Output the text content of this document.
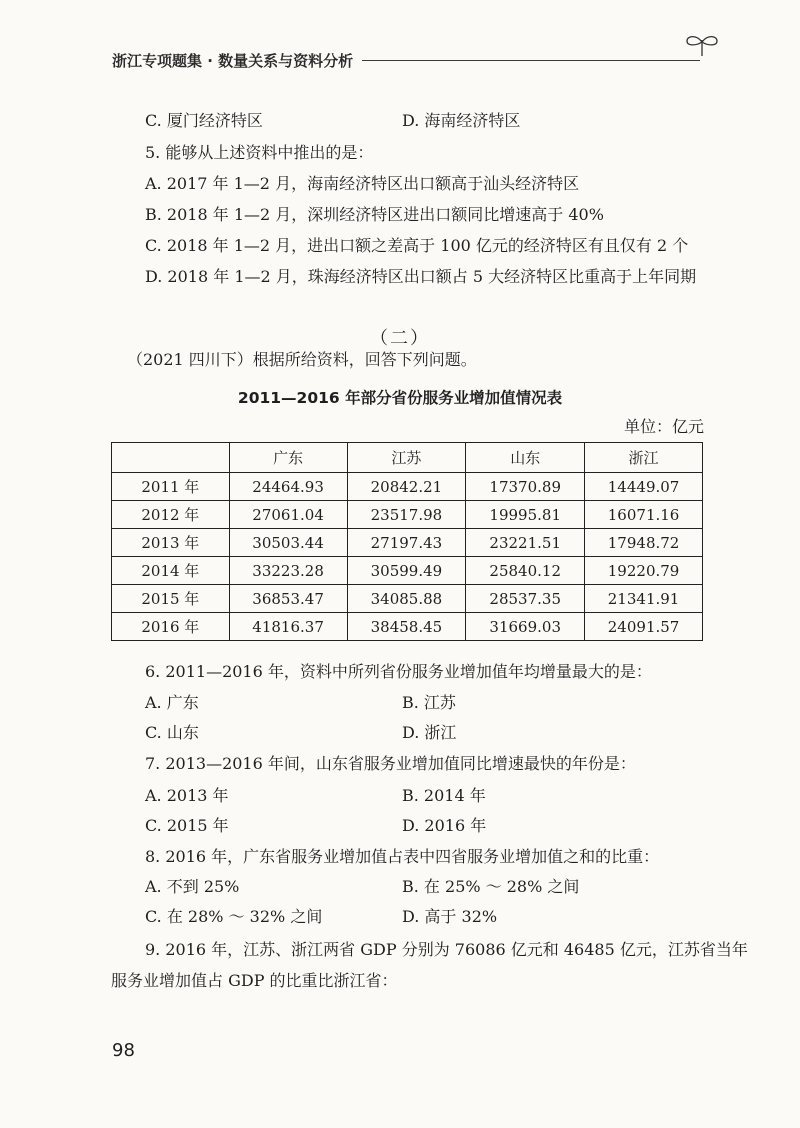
浙江专项题集 · 数量关系与资料分析
C. 厦门经济特区	D. 海南经济特区
5. 能够从上述资料中推出的是：
A. 2017 年 1—2 月，海南经济特区出口额高于汕头经济特区
B. 2018 年 1—2 月，深圳经济特区进出口额同比增速高于 40%
C. 2018 年 1—2 月，进出口额之差高于 100 亿元的经济特区有且仅有 2 个
D. 2018 年 1—2 月，珠海经济特区出口额占 5 大经济特区比重高于上年同期
（二）
（2021 四川下）根据所给资料，回答下列问题。
2011—2016 年部分省份服务业增加值情况表
单位：亿元
	广东	江苏	山东	浙江
2011 年	24464.93	20842.21	17370.89	14449.07
2012 年	27061.04	23517.98	19995.81	16071.16
2013 年	30503.44	27197.43	23221.51	17948.72
2014 年	33223.28	30599.49	25840.12	19220.79
2015 年	36853.47	34085.88	28537.35	21341.91
2016 年	41816.37	38458.45	31669.03	24091.57
6. 2011—2016 年，资料中所列省份服务业增加值年均增量最大的是：
A. 广东	B. 江苏
C. 山东	D. 浙江
7. 2013—2016 年间，山东省服务业增加值同比增速最快的年份是：
A. 2013 年	B. 2014 年
C. 2015 年	D. 2016 年
8. 2016 年，广东省服务业增加值占表中四省服务业增加值之和的比重：
A. 不到 25%	B. 在 25% ～ 28% 之间
C. 在 28% ～ 32% 之间	D. 高于 32%
9. 2016 年，江苏、浙江两省 GDP 分别为 76086 亿元和 46485 亿元，江苏省当年
服务业增加值占 GDP 的比重比浙江省：
98
